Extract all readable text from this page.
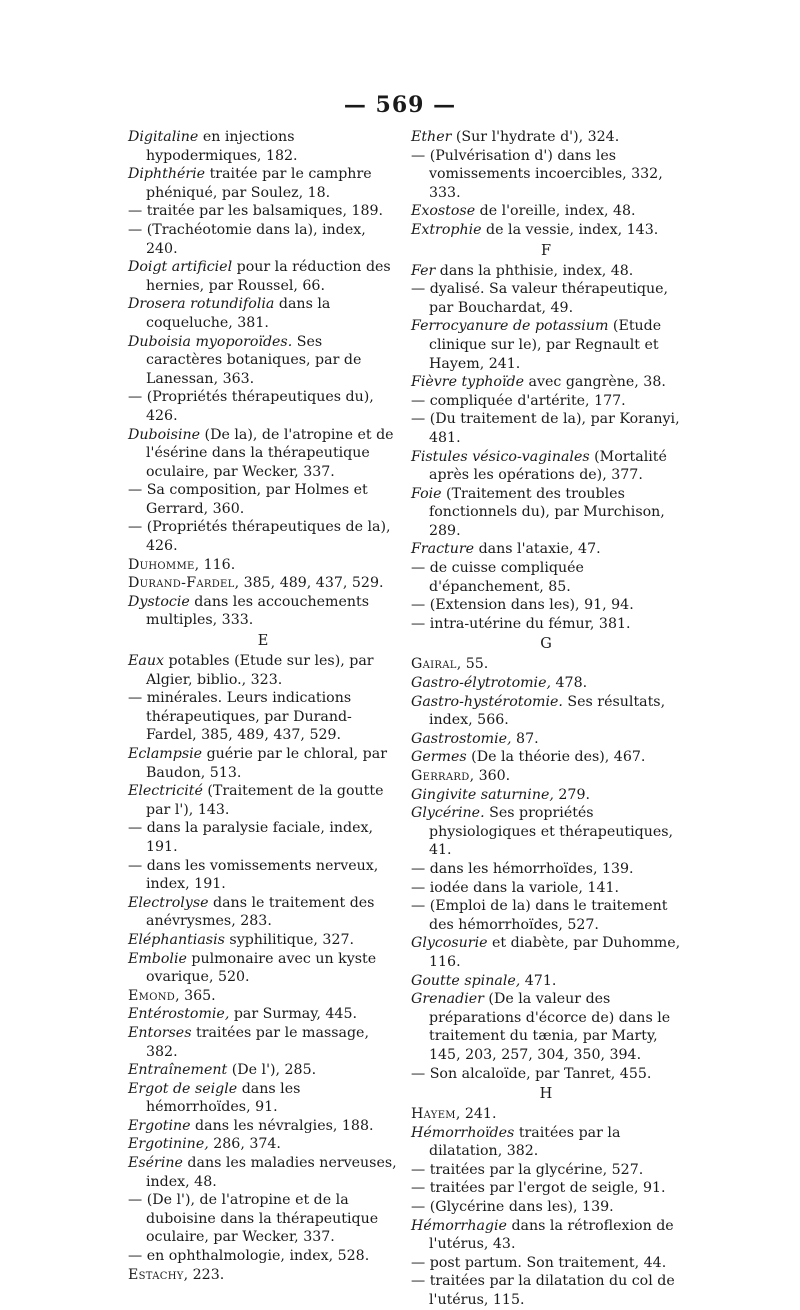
— 569 —

Digitaline en injections hypodermiques, 182.

Diphthérie traitée par le camphre phéniqué, par Soulez, 18.

— traitée par les balsamiques, 189.

— (Trachéotomie dans la), index, 240.

Doigt artificiel pour la réduction des hernies, par Roussel, 66.

Drosera rotundifolia dans la coqueluche, 381.

Duboisia myoporoïdes. Ses caractères botaniques, par de Lanessan, 363.

— (Propriétés thérapeutiques du), 426.

Duboisine (De la), de l'atropine et de l'ésérine dans la thérapeutique oculaire, par Wecker, 337.

— Sa composition, par Holmes et Gerrard, 360.

— (Propriétés thérapeutiques de la), 426.

Duhomme, 116.

Durand-Fardel, 385, 489, 437, 529.

Dystocie dans les accouchements multiples, 333.

E

Eaux potables (Etude sur les), par Algier, biblio., 323.

— minérales. Leurs indications thérapeutiques, par Durand-Fardel, 385, 489, 437, 529.

Eclampsie guérie par le chloral, par Baudon, 513.

Electricité (Traitement de la goutte par l'), 143.

— dans la paralysie faciale, index, 191.

— dans les vomissements nerveux, index, 191.

Electrolyse dans le traitement des anévrysmes, 283.

Eléphantiasis syphilitique, 327.

Embolie pulmonaire avec un kyste ovarique, 520.

Emond, 365.

Entérostomie, par Surmay, 445.

Entorses traitées par le massage, 382.

Entraînement (De l'), 285.

Ergot de seigle dans les hémorrhoïdes, 91.

Ergotine dans les névralgies, 188.

Ergotinine, 286, 374.

Esérine dans les maladies nerveuses, index, 48.

— (De l'), de l'atropine et de la duboisine dans la thérapeutique oculaire, par Wecker, 337.

— en ophthalmologie, index, 528.

Estachy, 223.

Ether (Sur l'hydrate d'), 324.

— (Pulvérisation d') dans les vomissements incoercibles, 332, 333.

Exostose de l'oreille, index, 48.

Extrophie de la vessie, index, 143.

F

Fer dans la phthisie, index, 48.

— dyalisé. Sa valeur thérapeutique, par Bouchardat, 49.

Ferrocyanure de potassium (Etude clinique sur le), par Regnault et Hayem, 241.

Fièvre typhoïde avec gangrène, 38.

— compliquée d'artérite, 177.

— (Du traitement de la), par Koranyi, 481.

Fistules vésico-vaginales (Mortalité après les opérations de), 377.

Foie (Traitement des troubles fonctionnels du), par Murchison, 289.

Fracture dans l'ataxie, 47.

— de cuisse compliquée d'épanchement, 85.

— (Extension dans les), 91, 94.

— intra-utérine du fémur, 381.

G

Gairal, 55.

Gastro-élytrotomie, 478.

Gastro-hystérotomie. Ses résultats, index, 566.

Gastrostomie, 87.

Germes (De la théorie des), 467.

Gerrard, 360.

Gingivite saturnine, 279.

Glycérine. Ses propriétés physiologiques et thérapeutiques, 41.

— dans les hémorrhoïdes, 139.

— iodée dans la variole, 141.

— (Emploi de la) dans le traitement des hémorrhoïdes, 527.

Glycosurie et diabète, par Duhomme, 116.

Goutte spinale, 471.

Grenadier (De la valeur des préparations d'écorce de) dans le traitement du tænia, par Marty, 145, 203, 257, 304, 350, 394.

— Son alcaloïde, par Tanret, 455.

H

Hayem, 241.

Hémorrhoïdes traitées par la dilatation, 382.

— traitées par la glycérine, 527.

— traitées par l'ergot de seigle, 91.

— (Glycérine dans les), 139.

Hémorrhagie dans la rétroflexion de l'utérus, 43.

— post partum. Son traitement, 44.

— traitées par la dilatation du col de l'utérus, 115.
